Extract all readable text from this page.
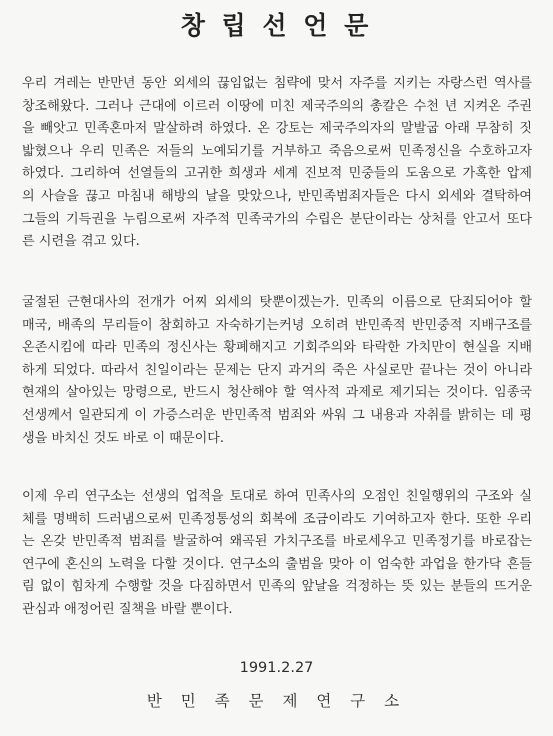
창 립 선 언 문

우리 겨레는 반만년 동안 외세의 끊임없는 침략에 맞서 자주를 지키는 자랑스런 역사를
창조해왔다. 그러나 근대에 이르러 이땅에 미친 제국주의의 총칼은 수천 년 지켜온 주권
을 빼앗고 민족혼마저 말살하려 하였다. 온 강토는 제국주의자의 말발굽 아래 무참히 짓
밟혔으나 우리 민족은 저들의 노예되기를 거부하고 죽음으로써 민족정신을 수호하고자
하였다. 그리하여 선열들의 고귀한 희생과 세계 진보적 민중들의 도움으로 가혹한 압제
의 사슬을 끊고 마침내 해방의 날을 맞았으나, 반민족범죄자들은 다시 외세와 결탁하여
그들의 기득권을 누림으로써 자주적 민족국가의 수립은 분단이라는 상처를 안고서 또다
른 시련을 겪고 있다.

굴절된 근현대사의 전개가 어찌 외세의 탓뿐이겠는가. 민족의 이름으로 단죄되어야 할
매국, 배족의 무리들이 참회하고 자숙하기는커녕 오히려 반민족적 반민중적 지배구조를
온존시킴에 따라 민족의 정신사는 황폐해지고 기회주의와 타락한 가치만이 현실을 지배
하게 되었다. 따라서 친일이라는 문제는 단지 과거의 죽은 사실로만 끝나는 것이 아니라
현재의 살아있는 망령으로, 반드시 청산해야 할 역사적 과제로 제기되는 것이다. 임종국
선생께서 일관되게 이 가증스러운 반민족적 범죄와 싸워 그 내용과 자취를 밝히는 데 평
생을 바치신 것도 바로 이 때문이다.

이제 우리 연구소는 선생의 업적을 토대로 하여 민족사의 오점인 친일행위의 구조와 실
체를 명백히 드러냄으로써 민족정통성의 회복에 조금이라도 기여하고자 한다. 또한 우리
는 온갖 반민족적 범죄를 발굴하여 왜곡된 가치구조를 바로세우고 민족정기를 바로잡는
연구에 혼신의 노력을 다할 것이다. 연구소의 출범을 맞아 이 엄숙한 과업을 한가닥 흔들
림 없이 힘차게 수행할 것을 다짐하면서 민족의 앞날을 걱정하는 뜻 있는 분들의 뜨거운
관심과 애정어린 질책을 바랄 뿐이다.

1991.2.27

반 민 족 문 제 연 구 소
